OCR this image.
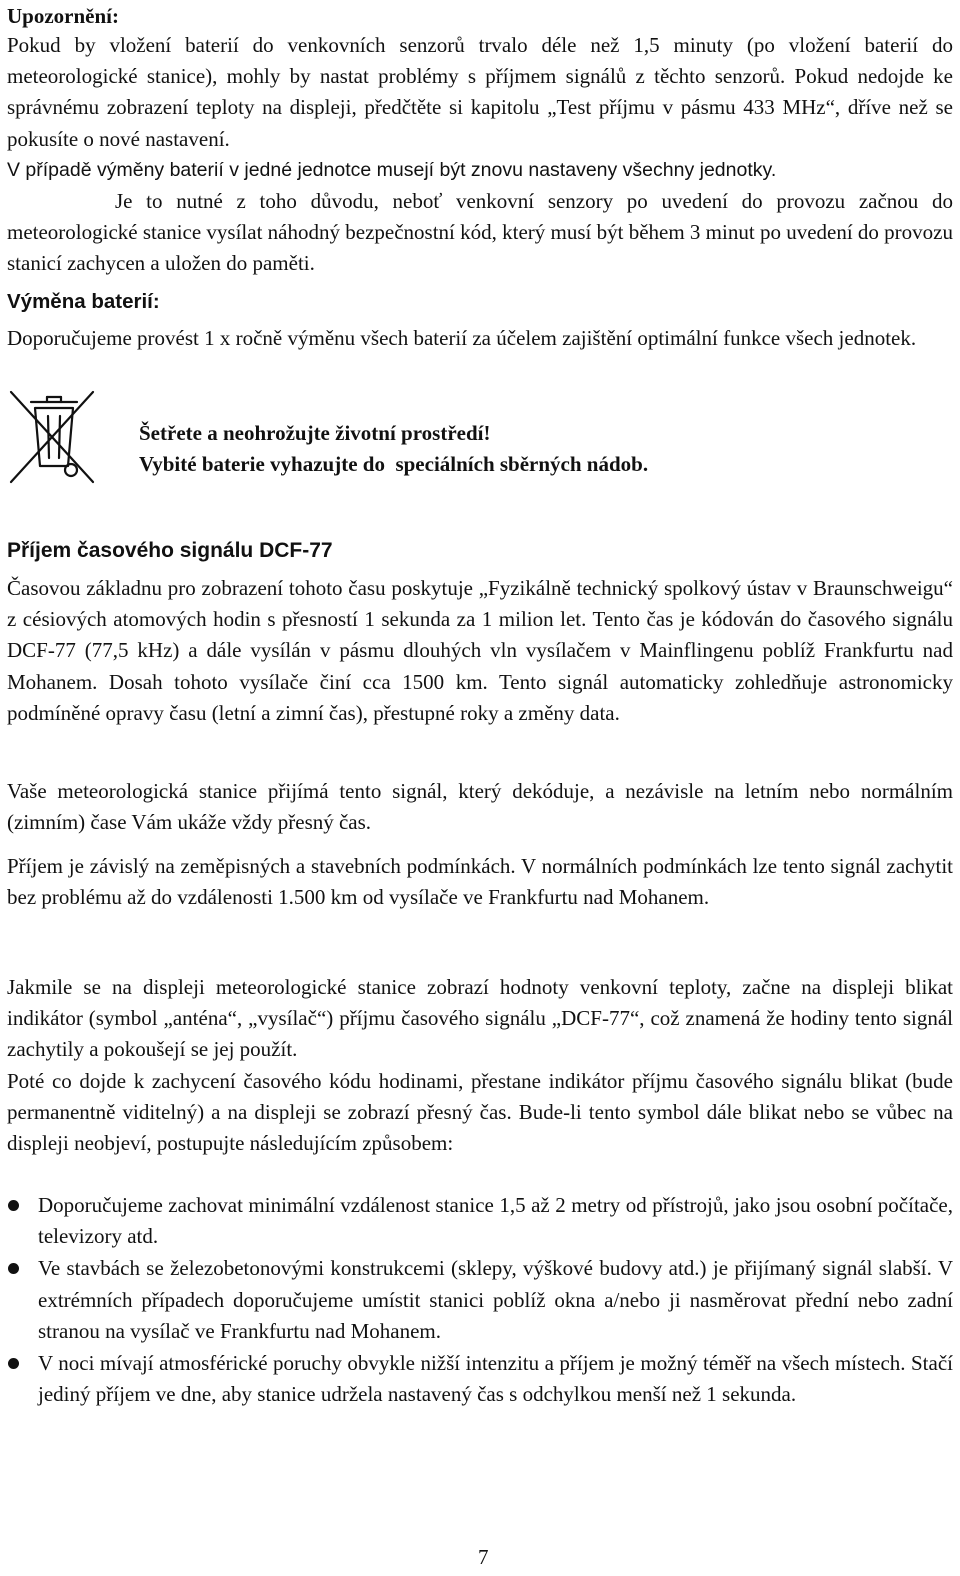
Upozornění:

Pokud by vložení baterií do venkovních senzorů trvalo déle než 1,5 minuty (po vložení baterií do meteorologické stanice), mohly by nastat problémy s příjmem signálů z těchto senzorů. Pokud nedojde ke správnému zobrazení teploty na displeji, předčtěte si kapitolu „Test příjmu v pásmu 433 MHz“, dříve než se pokusíte o nové nastavení.

V případě výměny baterií v jedné jednotce musejí být znovu nastaveny všechny jednotky.

Je to nutné z toho důvodu, neboť venkovní senzory po uvedení do provozu začnou do meteorologické stanice vysílat náhodný bezpečnostní kód, který musí být během 3 minut po uvedení do provozu stanicí zachycen a uložen do paměti.

Výměna baterií:

Doporučujeme provést 1 x ročně výměnu všech baterií za účelem zajištění optimální funkce všech jednotek.

Šetřete a neohrožujte životní prostředí!

Vybité baterie vyhazujte do  speciálních sběrných nádob.

Příjem časového signálu DCF-77

Časovou základnu pro zobrazení tohoto času poskytuje „Fyzikálně technický spolkový ústav v Braunschweigu“ z césiových atomových hodin s přesností 1 sekunda za 1 milion let. Tento čas je kódován do časového signálu DCF-77 (77,5 kHz) a dále vysílán v pásmu dlouhých vln vysílačem v Mainflingenu poblíž Frankfurtu nad Mohanem. Dosah tohoto vysílače činí cca 1500 km. Tento signál automaticky zohledňuje astronomicky podmíněné opravy času (letní a zimní čas), přestupné roky a změny data.

Vaše meteorologická stanice přijímá tento signál, který dekóduje, a nezávisle na letním nebo normálním (zimním) čase Vám ukáže vždy přesný čas.

Příjem je závislý na zeměpisných a stavebních podmínkách. V normálních podmínkách lze tento signál zachytit bez problému až do vzdálenosti 1.500 km od vysílače ve Frankfurtu nad Mohanem.

Jakmile se na displeji meteorologické stanice zobrazí hodnoty venkovní teploty, začne na displeji blikat indikátor (symbol „anténa“, „vysílač“) příjmu časového signálu „DCF-77“, což znamená že hodiny tento signál zachytily a pokoušejí se jej použít.

Poté co dojde k zachycení časového kódu hodinami, přestane indikátor příjmu časového signálu blikat (bude permanentně viditelný) a na displeji se zobrazí přesný čas. Bude-li tento symbol dále blikat nebo se vůbec na displeji neobjeví, postupujte následujícím způsobem:

Doporučujeme zachovat minimální vzdálenost stanice 1,5 až 2 metry od přístrojů, jako jsou osobní počítače, televizory atd.
Ve stavbách se železobetonovými konstrukcemi (sklepy, výškové budovy atd.) je přijímaný signál slabší. V extrémních případech doporučujeme umístit stanici poblíž okna a/nebo ji nasměrovat přední nebo zadní stranou na vysílač ve Frankfurtu nad Mohanem.
V noci mívají atmosférické poruchy obvykle nižší intenzitu a příjem je možný téměř na všech místech. Stačí jediný příjem ve dne, aby stanice udržela nastavený čas s odchylkou menší než 1 sekunda.
7
